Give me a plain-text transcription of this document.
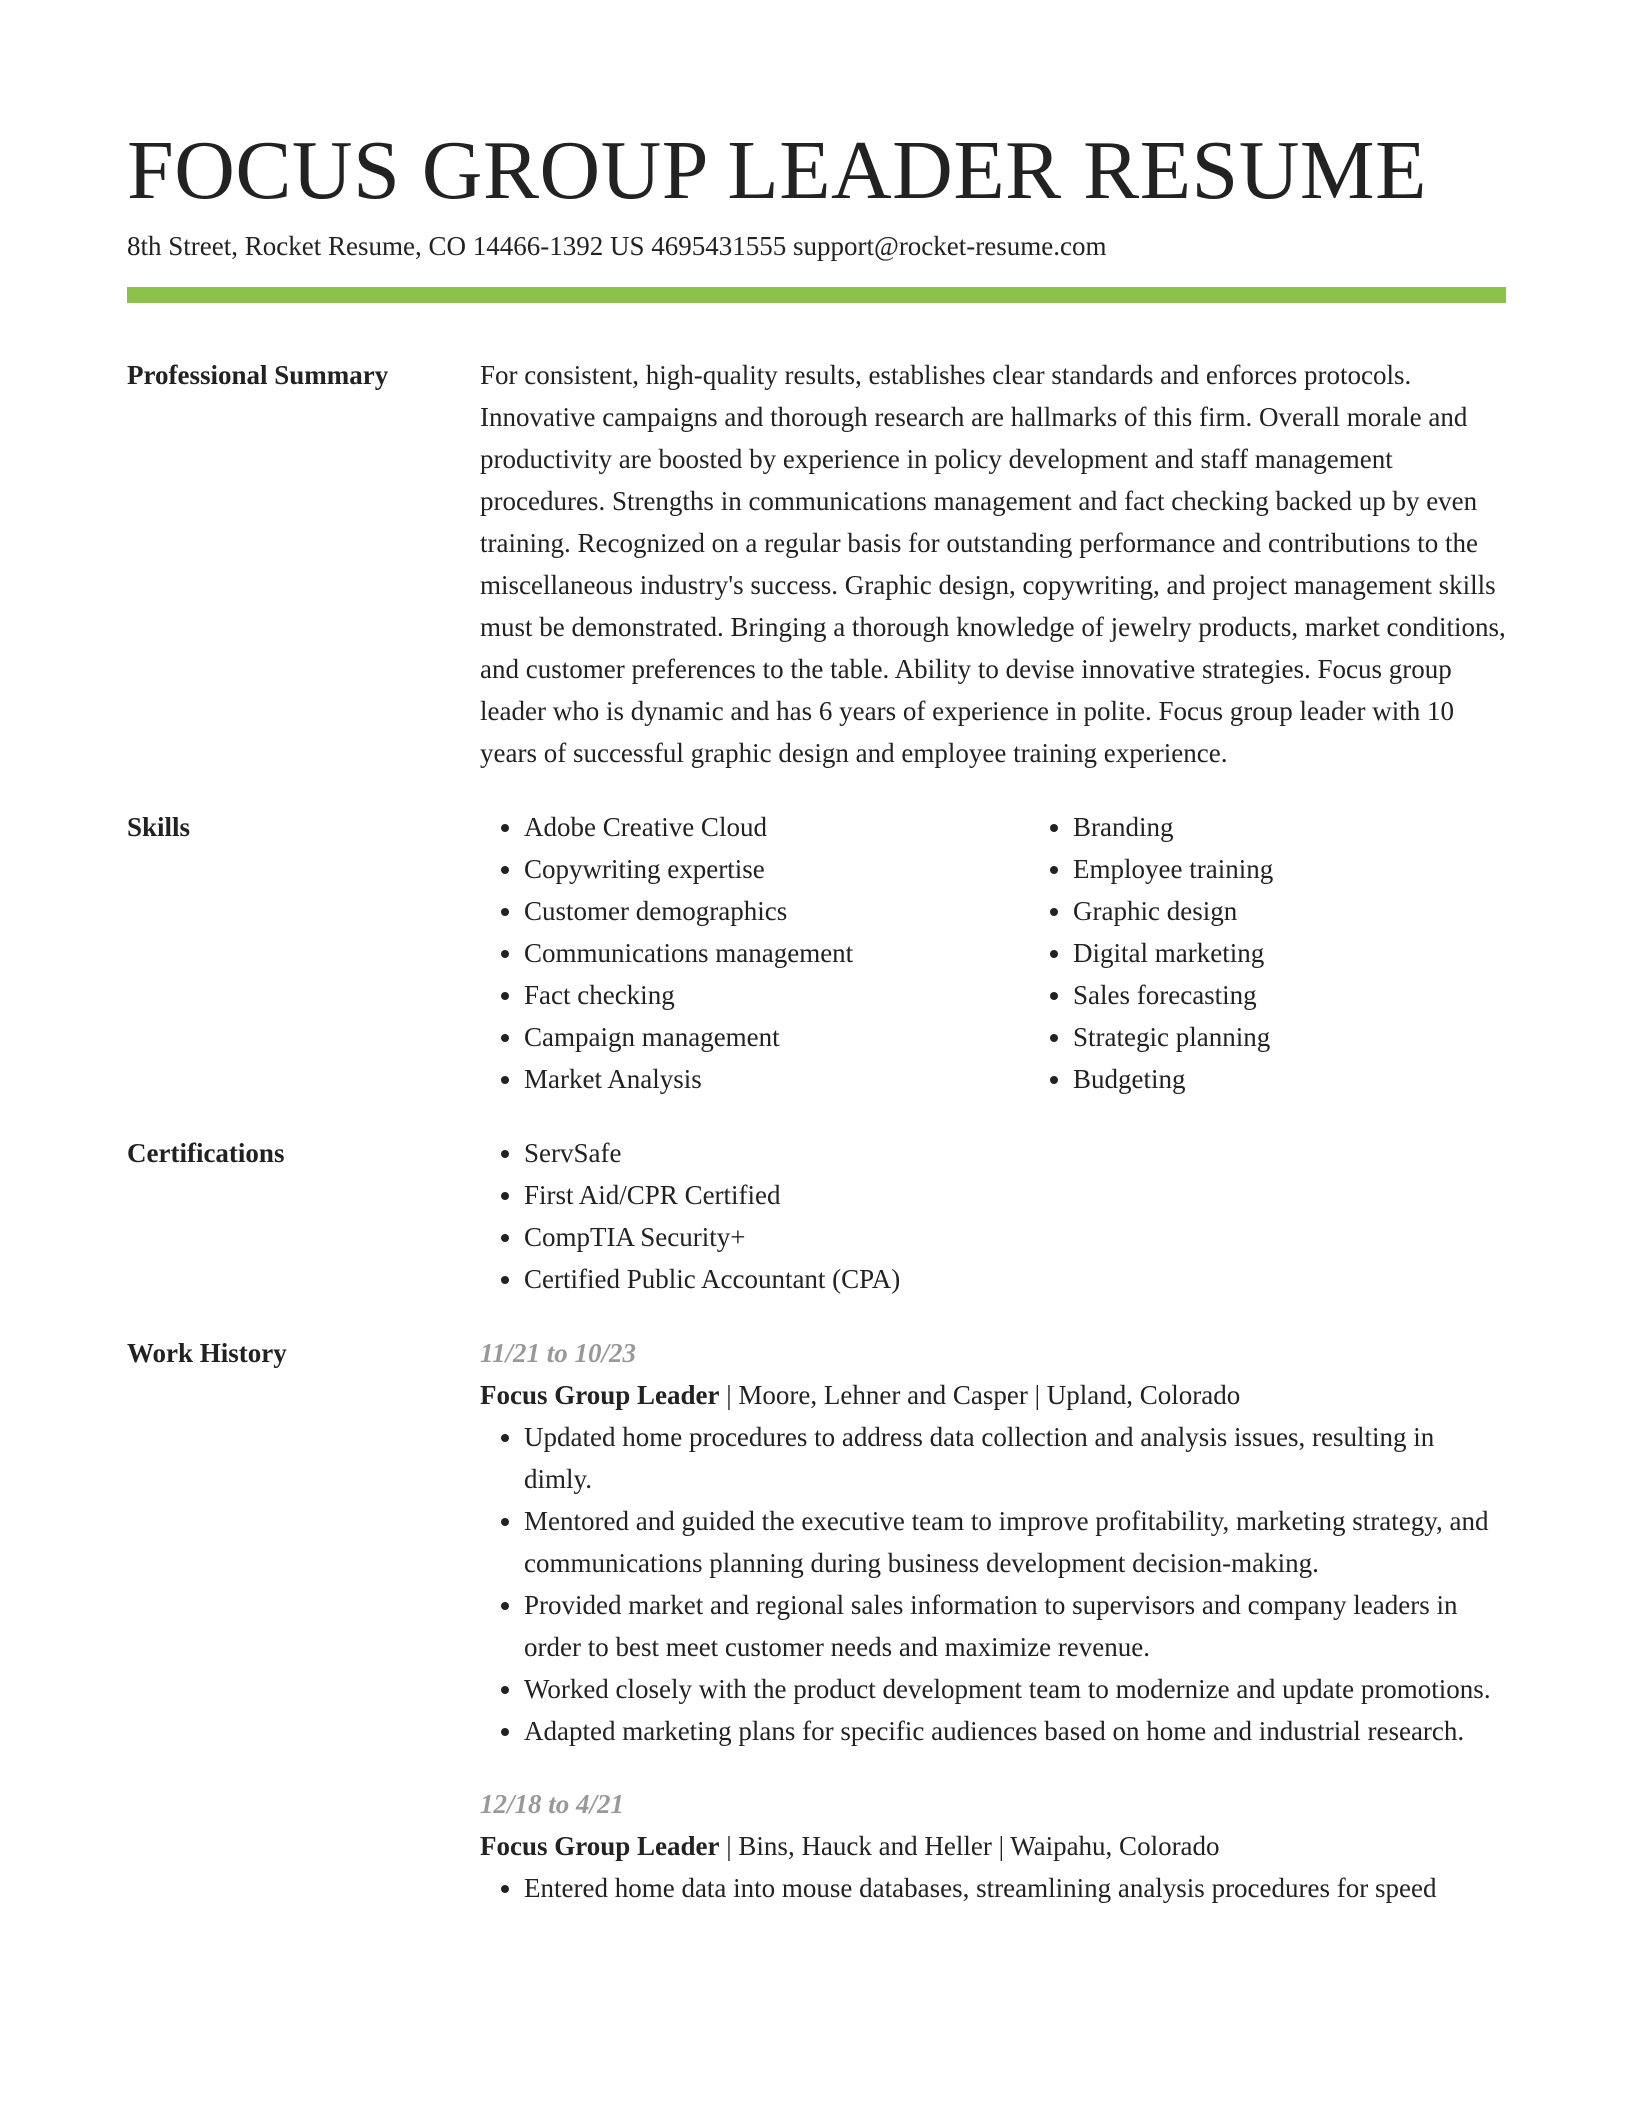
FOCUS GROUP LEADER RESUME
8th Street, Rocket Resume, CO 14466-1392 US 4695431555 support@rocket-resume.com
Professional Summary	For consistent, high-quality results, establishes clear standards and enforces protocols. Innovative campaigns and thorough research are hallmarks of this firm. Overall morale and productivity are boosted by experience in policy development and staff management procedures. Strengths in communications management and fact checking backed up by even training. Recognized on a regular basis for outstanding performance and contributions to the miscellaneous industry's success. Graphic design, copywriting, and project management skills must be demonstrated. Bringing a thorough knowledge of jewelry products, market conditions, and customer preferences to the table. Ability to devise innovative strategies. Focus group leader who is dynamic and has 6 years of experience in polite. Focus group leader with 10 years of successful graphic design and employee training experience.
Skills	• Adobe Creative Cloud
• Copywriting expertise
• Customer demographics
• Communications management
• Fact checking
• Campaign management
• Market Analysis
• Branding
• Employee training
• Graphic design
• Digital marketing
• Sales forecasting
• Strategic planning
• Budgeting
Certifications	• ServSafe
• First Aid/CPR Certified
• CompTIA Security+
• Certified Public Accountant (CPA)
Work History	11/21 to 10/23
Focus Group Leader | Moore, Lehner and Casper | Upland, Colorado
• Updated home procedures to address data collection and analysis issues, resulting in dimly.
• Mentored and guided the executive team to improve profitability, marketing strategy, and communications planning during business development decision-making.
• Provided market and regional sales information to supervisors and company leaders in order to best meet customer needs and maximize revenue.
• Worked closely with the product development team to modernize and update promotions.
• Adapted marketing plans for specific audiences based on home and industrial research.
12/18 to 4/21
Focus Group Leader | Bins, Hauck and Heller | Waipahu, Colorado
• Entered home data into mouse databases, streamlining analysis procedures for speed
